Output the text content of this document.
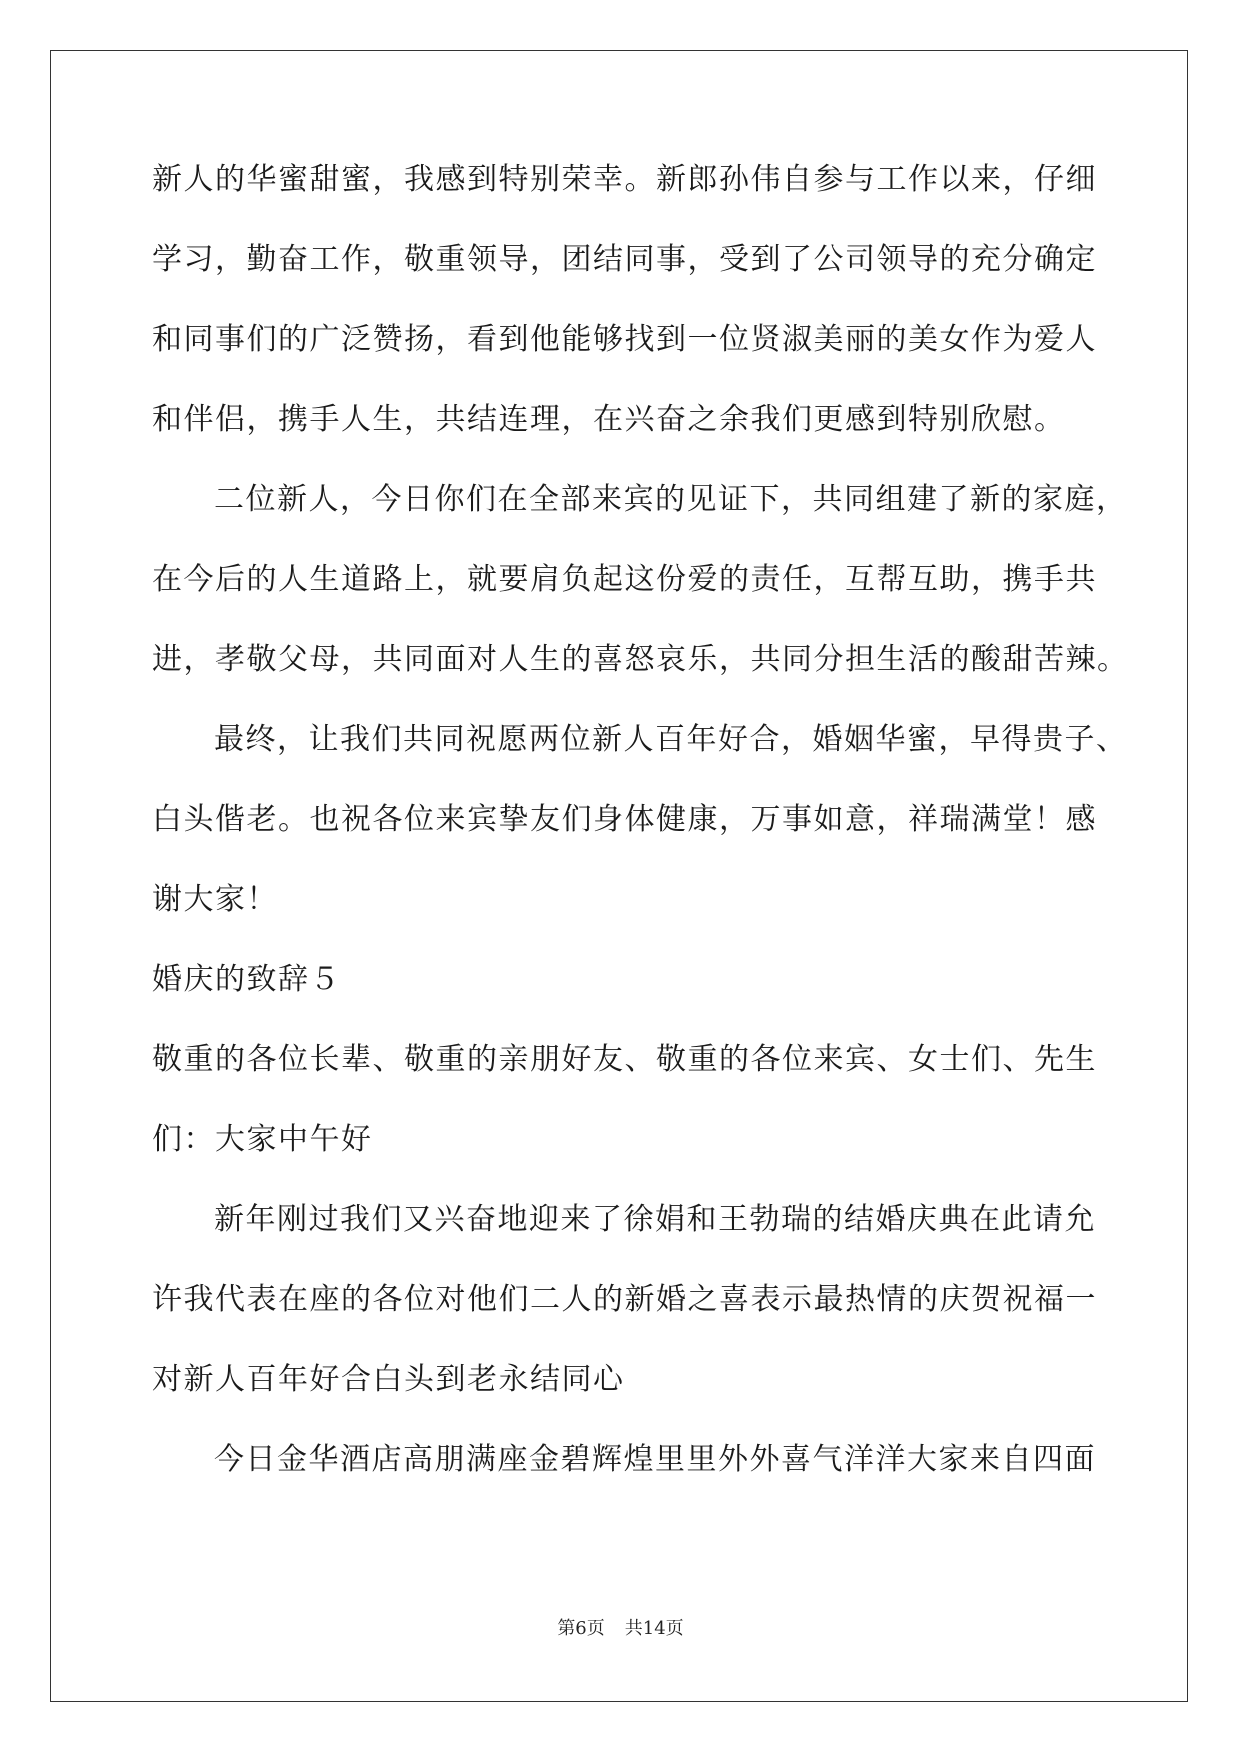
新人的华蜜甜蜜，我感到特别荣幸。新郎孙伟自参与工作以来，仔细
学习，勤奋工作，敬重领导，团结同事，受到了公司领导的充分确定
和同事们的广泛赞扬，看到他能够找到一位贤淑美丽的美女作为爱人
和伴侣，携手人生，共结连理，在兴奋之余我们更感到特别欣慰。
二位新人，今日你们在全部来宾的见证下，共同组建了新的家庭，
在今后的人生道路上，就要肩负起这份爱的责任，互帮互助，携手共
进，孝敬父母，共同面对人生的喜怒哀乐，共同分担生活的酸甜苦辣。
最终，让我们共同祝愿两位新人百年好合，婚姻华蜜，早得贵子、
白头偕老。也祝各位来宾挚友们身体健康，万事如意，祥瑞满堂！感
谢大家！
婚庆的致辞５
敬重的各位长辈、敬重的亲朋好友、敬重的各位来宾、女士们、先生
们：大家中午好
新年刚过我们又兴奋地迎来了徐娟和王勃瑞的结婚庆典在此请允
许我代表在座的各位对他们二人的新婚之喜表示最热情的庆贺祝福一
对新人百年好合白头到老永结同心
今日金华酒店高朋满座金碧辉煌里里外外喜气洋洋大家来自四面
第6页 共14页
